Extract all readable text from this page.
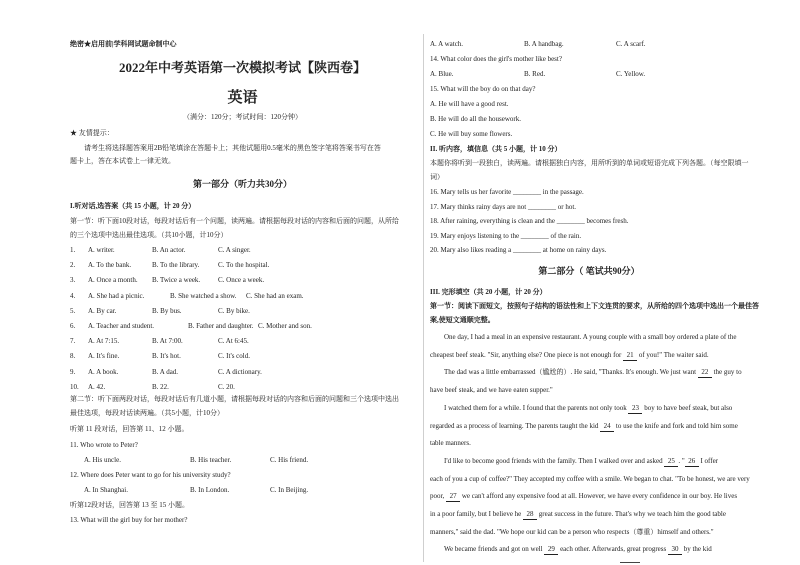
绝密★启用前|学科网试题命制中心
2022年中考英语第一次模拟考试【陕西卷】
英语
（满分：120分；考试时间：120分钟）
★ 友情提示：
请考生将选择题答案用2B铅笔填涂在答题卡上；其他试题用0.5毫米的黑色签字笔将答案书写在答
题卡上，答在本试卷上一律无效。
第一部分（听力共30分）
I.听对话,选答案（共 15 小题，计 20 分）
第一节：听下面10段对话，每段对话后有一个问题，读两遍。请根据每段对话的内容和后面的问题，从所给
的三个选项中选出最佳选项。（共10小题，计10分）
1. A. writer.	B. An actor.	C. A singer.
2. A. To the bank.	B. To the library.	C. To the hospital.
3. A. Once a month. B. Twice a week.	C. Once a week.
4. A. She had a picnic.	B. She watched a show. C. She had an exam.
5. A. By car.	B. By bus.	C. By bike.
6. A. Teacher and student.	B. Father and daughter. C. Mother and son.
7. A. At 7:15.	B. At 7:00.	C. At 6:45.
8. A. It's fine.	B. It's hot.	C. It's cold.
9. A. A book.	B. A dad.	C. A dictionary.
10. A. 42.	B. 22.	C. 20.
第二节：听下面两段对话，每段对话后有几道小题，请根据每段对话的内容和后面的问题和三个选项中选出
最佳选项，每段对话读两遍。（共5小题，计10分）
听第 11 段对话，回答第 11、12 小题。
11. Who wrote to Peter?
A. His uncle.	B. His teacher.	C. His friend.
12. Where does Peter want to go for his university study?
A. In Shanghai.	B. In London.	C. In Beijing.
听第12段对话，回答第 13 至 15 小题。
13. What will the girl buy for her mother?
A. A watch.	B. A handbag.	C. A scarf.
14. What color does the girl's mother like best?
A. Blue.	B. Red.	C. Yellow.
15. What will the boy do on that day?
A. He will have a good rest.
B. He will do all the housework.
C. He will buy some flowers.
II. 听内容，填信息（共 5 小题，计 10 分）
本题你将听到一段独白，读两遍。请根据独白内容，用所听到的单词或短语完成下列各题。（每空限填一
词）
16. Mary tells us her favorite ________ in the passage.
17. Mary thinks rainy days are not ________ or hot.
18. After raining, everything is clean and the ________ becomes fresh.
19. Mary enjoys listening to the ________ of the rain.
20. Mary also likes reading a ________ at home on rainy days.
第二部分（ 笔试共90分）
III. 完形填空（共 20 小题，计 20 分）
第一节：阅读下面短文，按照句子结构的语法性和上下文连贯的要求，从所给的四个选项中选出一个最佳答
案,使短文通顺完整。
One day, I had a meal in an expensive restaurant. A young couple with a small boy ordered a plate of the
cheapest beef steak. "Sir, anything else? One piece is not enough for 21 of you!" The waiter said.
The dad was a little embarrassed（尴尬的）. He said, "Thanks. It's enough. We just want 22 the guy to
have beef steak, and we have eaten supper."
I watched them for a while. I found that the parents not only took 23 boy to have beef steak, but also
regarded as a process of learning. The parents taught the kid 24 to use the knife and fork and told him some
table manners.
I'd like to become good friends with the family. Then I walked over and asked 25 . " 26 I offer
each of you a cup of coffee?" They accepted my coffee with a smile. We began to chat. "To be honest, we are very
poor, 27 we can't afford any expensive food at all. However, we have every confidence in our boy. He lives
in a poor family, but I believe he 28 great success in the future. That's why we teach him the good table
manners," said the dad. "We hope our kid can be a person who respects（尊重）himself and others."
We became friends and got on well 29 each other. Afterwards, great progress 30 by the kid
